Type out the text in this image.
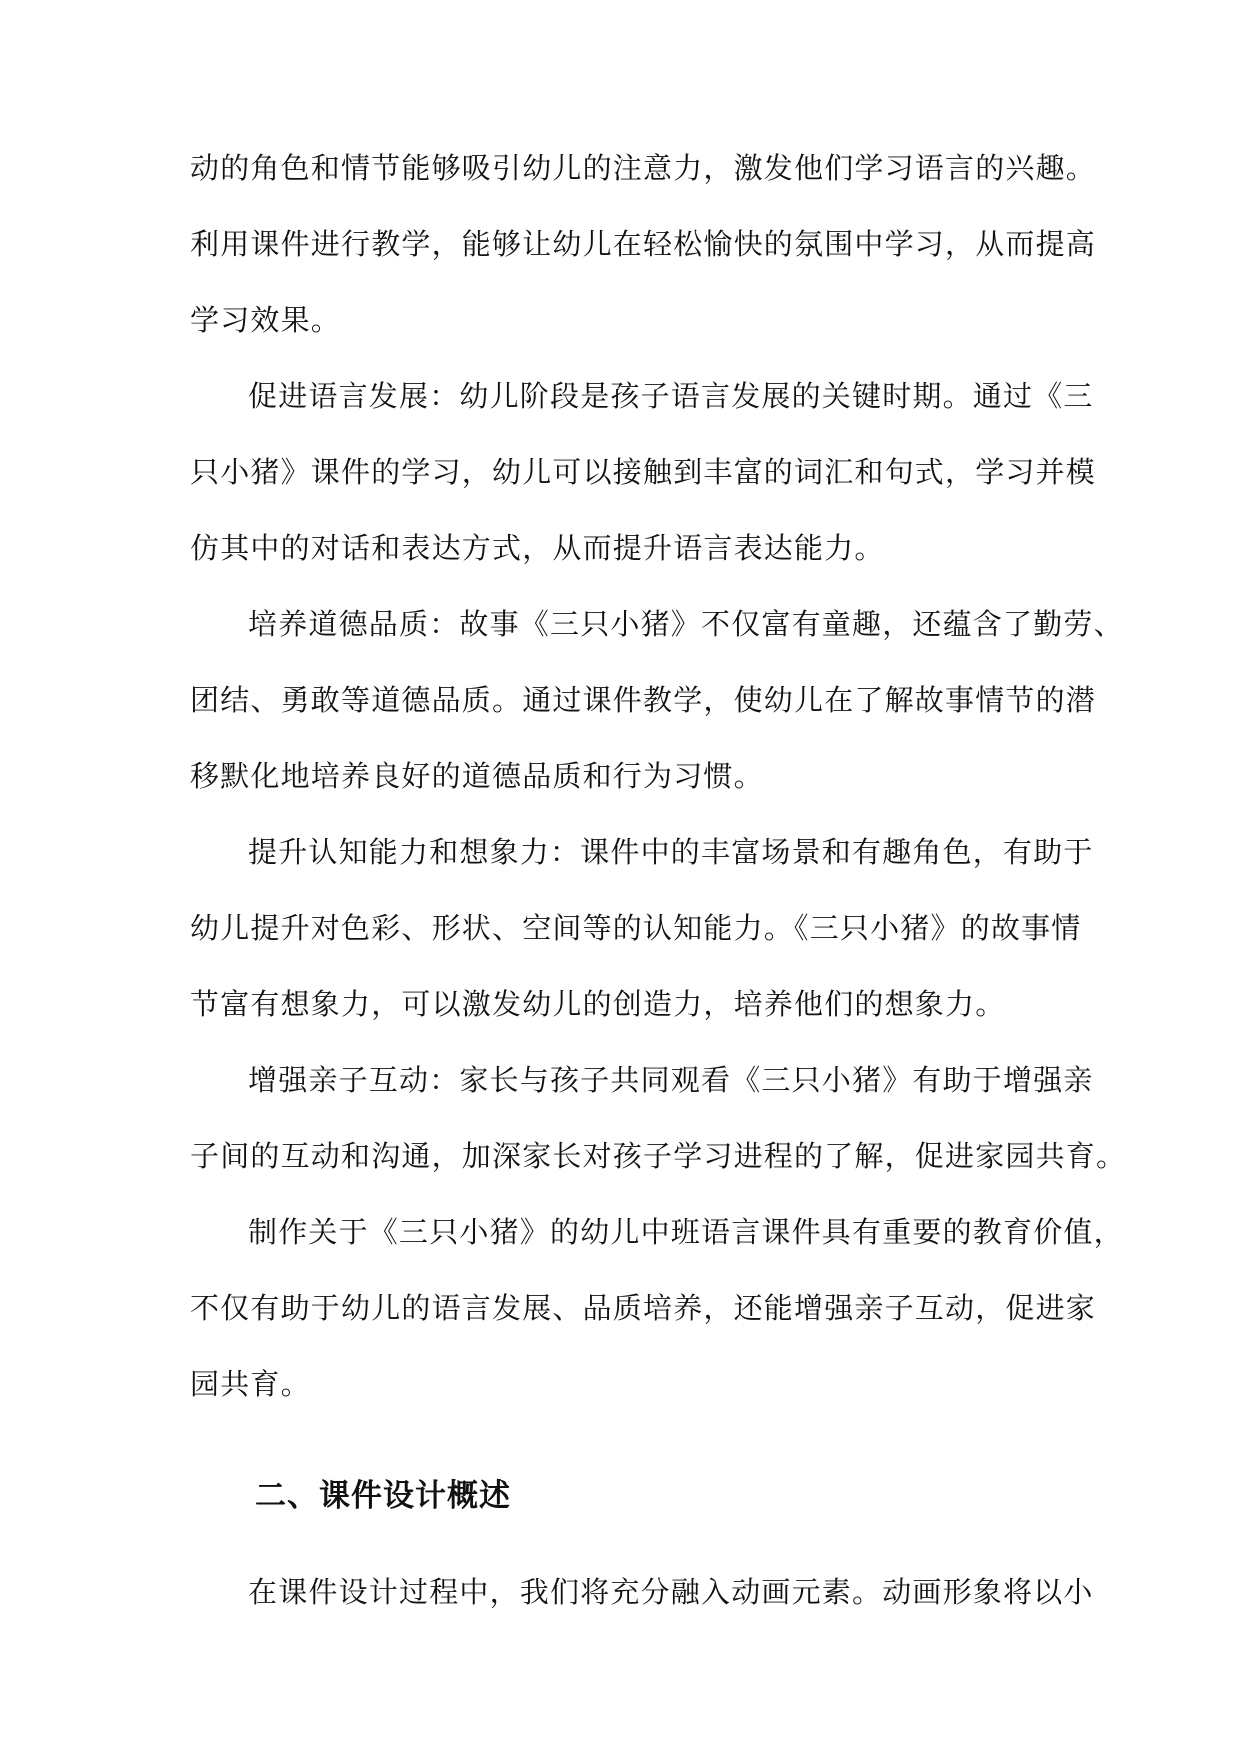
动的角色和情节能够吸引幼儿的注意力，激发他们学习语言的兴趣。
利用课件进行教学，能够让幼儿在轻松愉快的氛围中学习，从而提高
学习效果。
促进语言发展：幼儿阶段是孩子语言发展的关键时期。通过《三
只小猪》课件的学习，幼儿可以接触到丰富的词汇和句式，学习并模
仿其中的对话和表达方式，从而提升语言表达能力。
培养道德品质：故事《三只小猪》不仅富有童趣，还蕴含了勤劳、
团结、勇敢等道德品质。通过课件教学，使幼儿在了解故事情节的潜
移默化地培养良好的道德品质和行为习惯。
提升认知能力和想象力：课件中的丰富场景和有趣角色，有助于
幼儿提升对色彩、形状、空间等的认知能力。《三只小猪》的故事情
节富有想象力，可以激发幼儿的创造力，培养他们的想象力。
增强亲子互动：家长与孩子共同观看《三只小猪》有助于增强亲
子间的互动和沟通，加深家长对孩子学习进程的了解，促进家园共育。
制作关于《三只小猪》的幼儿中班语言课件具有重要的教育价值，
不仅有助于幼儿的语言发展、品质培养，还能增强亲子互动，促进家
园共育。
二、课件设计概述
在课件设计过程中，我们将充分融入动画元素。动画形象将以小
